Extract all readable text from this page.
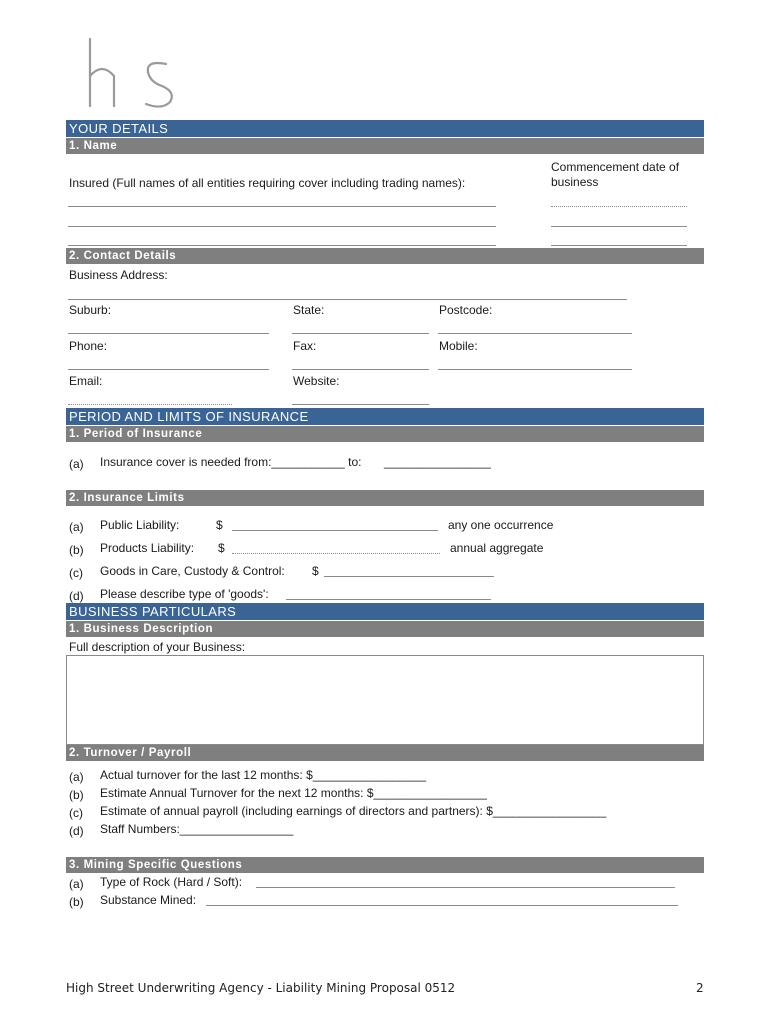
YOUR DETAILS
1. Name
Insured (Full names of all entities requiring cover including trading names):
Commencement date of
business
2. Contact Details
Business Address:
Suburb:	State:	Postcode:
Phone:	Fax:	Mobile:
Email:	Website:
PERIOD AND LIMITS OF INSURANCE
1. Period of Insurance
(a) Insurance cover is needed from:___________ to: ________________
2. Insurance Limits
(a) Public Liability:	$	any one occurrence
(b) Products Liability: $	annual aggregate
(c) Goods in Care, Custody & Control: $
(d) Please describe type of 'goods':
BUSINESS PARTICULARS
1. Business Description
Full description of your Business:
2. Turnover / Payroll
(a) Actual turnover for the last 12 months: $_________________
(b) Estimate Annual Turnover for the next 12 months: $_________________
(c) Estimate of annual payroll (including earnings of directors and partners): $_________________
(d) Staff Numbers:_________________
3. Mining Specific Questions
(a) Type of Rock (Hard / Soft):
(b) Substance Mined:
High Street Underwriting Agency - Liability Mining Proposal 0512	2
